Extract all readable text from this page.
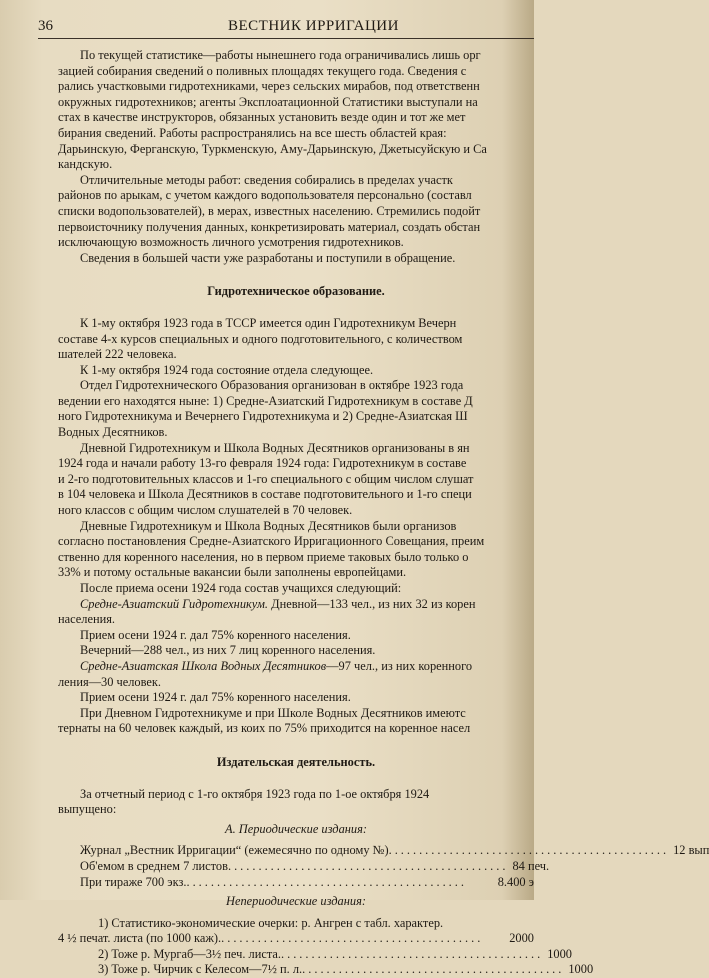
36	ВЕСТНИК ИРРИГАЦИИ

По текущей статистике—работы нынешнего года ограничивались лишь орг

зацией собирания сведений о поливных площадях текущего года. Сведения с

рались участковыми гидротехниками, через сельских мирабов, под ответственн

окружных гидротехников; агенты Эксплоатационной Статистики выступали на

стах в качестве инструкторов, обязанных установить везде один и тот же мет

бирания сведений. Работы распространялись на все шесть областей края:

Дарьинскую, Ферганскую, Туркменскую, Аму-Дарьинскую, Джетысуйскую и Са

кандскую.

Отличительные методы работ: сведения собирались в пределах участк

районов по арыкам, с учетом каждого водопользователя персонально (составл

списки водопользователей), в мерах, известных населению. Стремились подойт

первоисточнику получения данных, конкретизировать материал, создать обстан

исключающую возможность личного усмотрения гидротехников.

Сведения в большей части уже разработаны и поступили в обращение.

Гидротехническое образование.

К 1-му октября 1923 года в ТССР имеется один Гидротехникум Вечерн

составе 4-х курсов специальных и одного подготовительного, с количеством

шателей 222 человека.

К 1-му октября 1924 года состояние отдела следующее.

Отдел Гидротехнического Образования организован в октябре 1923 года

ведении его находятся ныне: 1) Средне-Азиатский Гидротехникум в составе Д

ного Гидротехникума и Вечернего Гидротехникума и 2) Средне-Азиатская Ш

Водных Десятников.

Дневной Гидротехникум и Школа Водных Десятников организованы в ян

1924 года и начали работу 13-го февраля 1924 года: Гидротехникум в составе

и 2-го подготовительных классов и 1-го специального с общим числом слушат

в 104 человека и Школа Десятников в составе подготовительного и 1-го специ

ного классов с общим числом слушателей в 70 человек.

Дневные Гидротехникум и Школа Водных Десятников были организов

согласно постановления Средне-Азиатского Ирригационного Совещания, преим

ственно для коренного населения, но в первом приеме таковых было только о

33% и потому остальные вакансии были заполнены европейцами.

После приема осени 1924 года состав учащихся следующий:

Средне-Азиатский Гидротехникум. Дневной—133 чел., из них 32 из корен

населения.

Прием осени 1924 г. дал 75% коренного населения.

Вечерний—288 чел., из них 7 лиц коренного населения.

Средне-Азиатская Школа Водных Десятников—97 чел., из них коренного

ления—30 человек.

Прием осени 1924 г. дал 75% коренного населения.

При Дневном Гидротехникуме и при Школе Водных Десятников имеютс

тернаты на 60 человек каждый, из коих по 75% приходится на коренное насел

Издательская деятельность.

За отчетный период с 1-го октября 1923 года по 1-ое октября 1924

выпущено:

А. Периодические издания:

Журнал „Вестник Ирригации“ (ежемесячно по одному №) .............................................. 12 вып
Об'емом в среднем 7 листов .............................................. 84 печ.
При тираже 700 экз. ..............................................	8.400 э

Непериодические издания:

1) Статистико-экономические очерки: р. Ангрен с табл. характер.

4 ½ печат. листа (по 1000 каж). ...........................................	2000
2) Тоже р. Мургаб—3½ печ. листа. ........................................... 1000
3) Тоже р. Чирчик с Келесом—7½ п. л. ........................................... 1000
